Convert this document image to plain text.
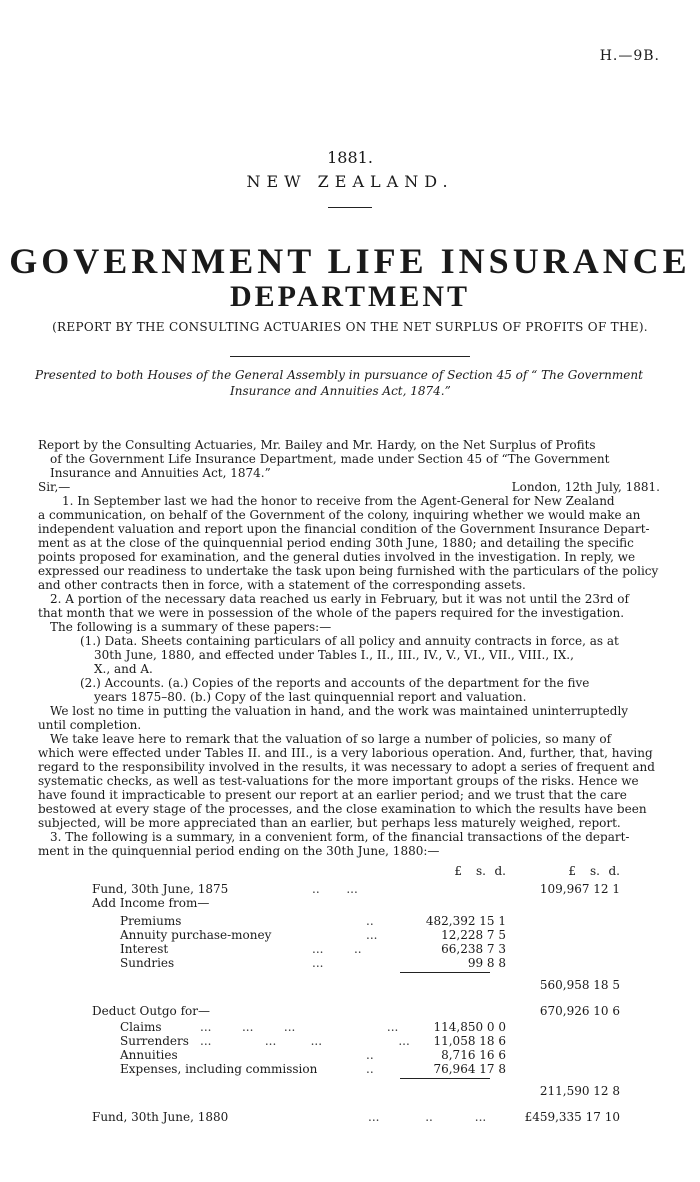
H.—9B.
1881.
NEW ZEALAND.
GOVERNMENT LIFE INSURANCE
DEPARTMENT
(REPORT BY THE CONSULTING ACTUARIES ON THE NET SURPLUS OF PROFITS OF THE).
Presented to both Houses of the General Assembly in pursuance of Section 45 of “ The Government
Insurance and Annuities Act, 1874.”
Report by the Consulting Actuaries, Mr. Bailey and Mr. Hardy, on the Net Surplus of Profits
of the Government Life Insurance Department, made under Section 45 of “The Government
Insurance and Annuities Act, 1874.”
Sir,—	London, 12th July, 1881.
1. In September last we had the honor to receive from the Agent-General for New Zealand
a communication, on behalf of the Government of the colony, inquiring whether we would make an
independent valuation and report upon the financial condition of the Government Insurance Depart-
ment as at the close of the quinquennial period ending 30th June, 1880; and detailing the specific
points proposed for examination, and the general duties involved in the investigation. In reply, we
expressed our readiness to undertake the task upon being furnished with the particulars of the policy
and other contracts then in force, with a statement of the corresponding assets.
2. A portion of the necessary data reached us early in February, but it was not until the 23rd of
that month that we were in possession of the whole of the papers required for the investigation.
The following is a summary of these papers:—
(1.) Data. Sheets containing particulars of all policy and annuity contracts in force, as at
30th June, 1880, and effected under Tables I., II., III., IV., V., VI., VII., VIII., IX.,
X., and A.
(2.) Accounts. (a.) Copies of the reports and accounts of the department for the five
years 1875–80. (b.) Copy of the last quinquennial report and valuation.
We lost no time in putting the valuation in hand, and the work was maintained uninterruptedly
until completion.
We take leave here to remark that the valuation of so large a number of policies, so many of
which were effected under Tables II. and III., is a very laborious operation. And, further, that, having
regard to the responsibility involved in the results, it was necessary to adopt a series of frequent and
systematic checks, as well as test-valuations for the more important groups of the risks. Hence we
have found it impracticable to present our report at an earlier period; and we trust that the care
bestowed at every stage of the processes, and the close examination to which the results have been
subjected, will be more appreciated than an earlier, but perhaps less maturely weighed, report.
3. The following is a summary, in a convenient form, of the financial transactions of the depart-
ment in the quinquennial period ending on the 30th June, 1880:—
£	s. d.	£	s. d.
Fund, 30th June, 1875	..       ...	109,967 12 1
Add Income from—
Premiums	..	482,392 15 1
Annuity purchase-money	...	12,228 7 5
Interest	...        ..	66,238 7 3
Sundries	...	99 8 8
560,958 18 5
670,926 10 6
Deduct Outgo for—
Claims	...        ...        ...                        ...	114,850 0 0
Surrenders ...              ...         ...                    ...	11,058 18 6
Annuities	..	8,716 16 6
Expenses, including commission	..	76,964 17 8
211,590 12 8
Fund, 30th June, 1880	...            ..           ...	£459,335 17 10
